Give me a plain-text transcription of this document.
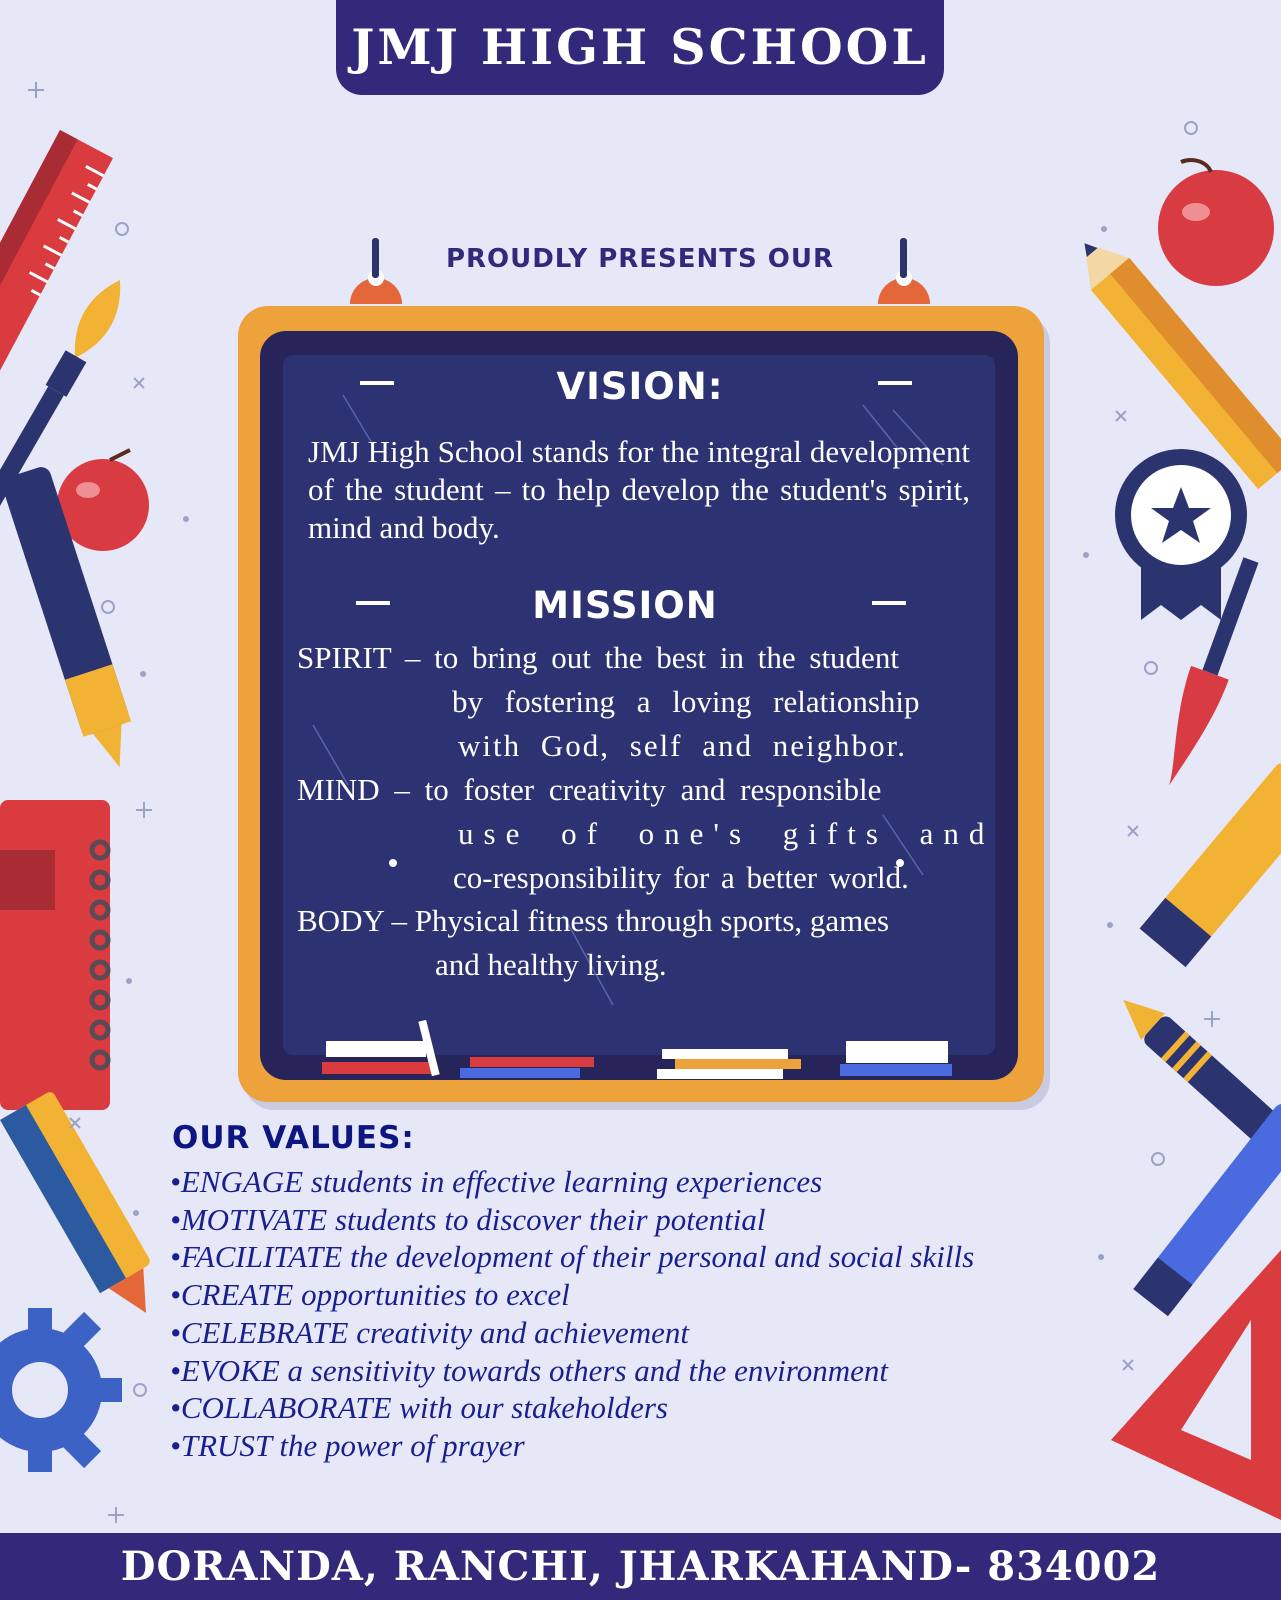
JMJ HIGH SCHOOL
PROUDLY PRESENTS OUR
VISION:
JMJ High School stands for the integral development of the student – to help develop the student's spirit, mind and body.
MISSION
SPIRIT – to bring out the best in the student
by fostering a loving relationship
with God, self and neighbor.
MIND – to foster creativity and responsible
use of one's gifts and
co-responsibility for a better world.
BODY – Physical fitness through sports, games
and healthy living.
OUR VALUES:
•ENGAGE students in effective learning experiences
•MOTIVATE students to discover their potential
•FACILITATE the development of their personal and social skills
•CREATE opportunities to excel
•CELEBRATE creativity and achievement
•EVOKE a sensitivity towards others and the environment
•COLLABORATE with our stakeholders
•TRUST the power of prayer
DORANDA, RANCHI, JHARKAHAND- 834002
